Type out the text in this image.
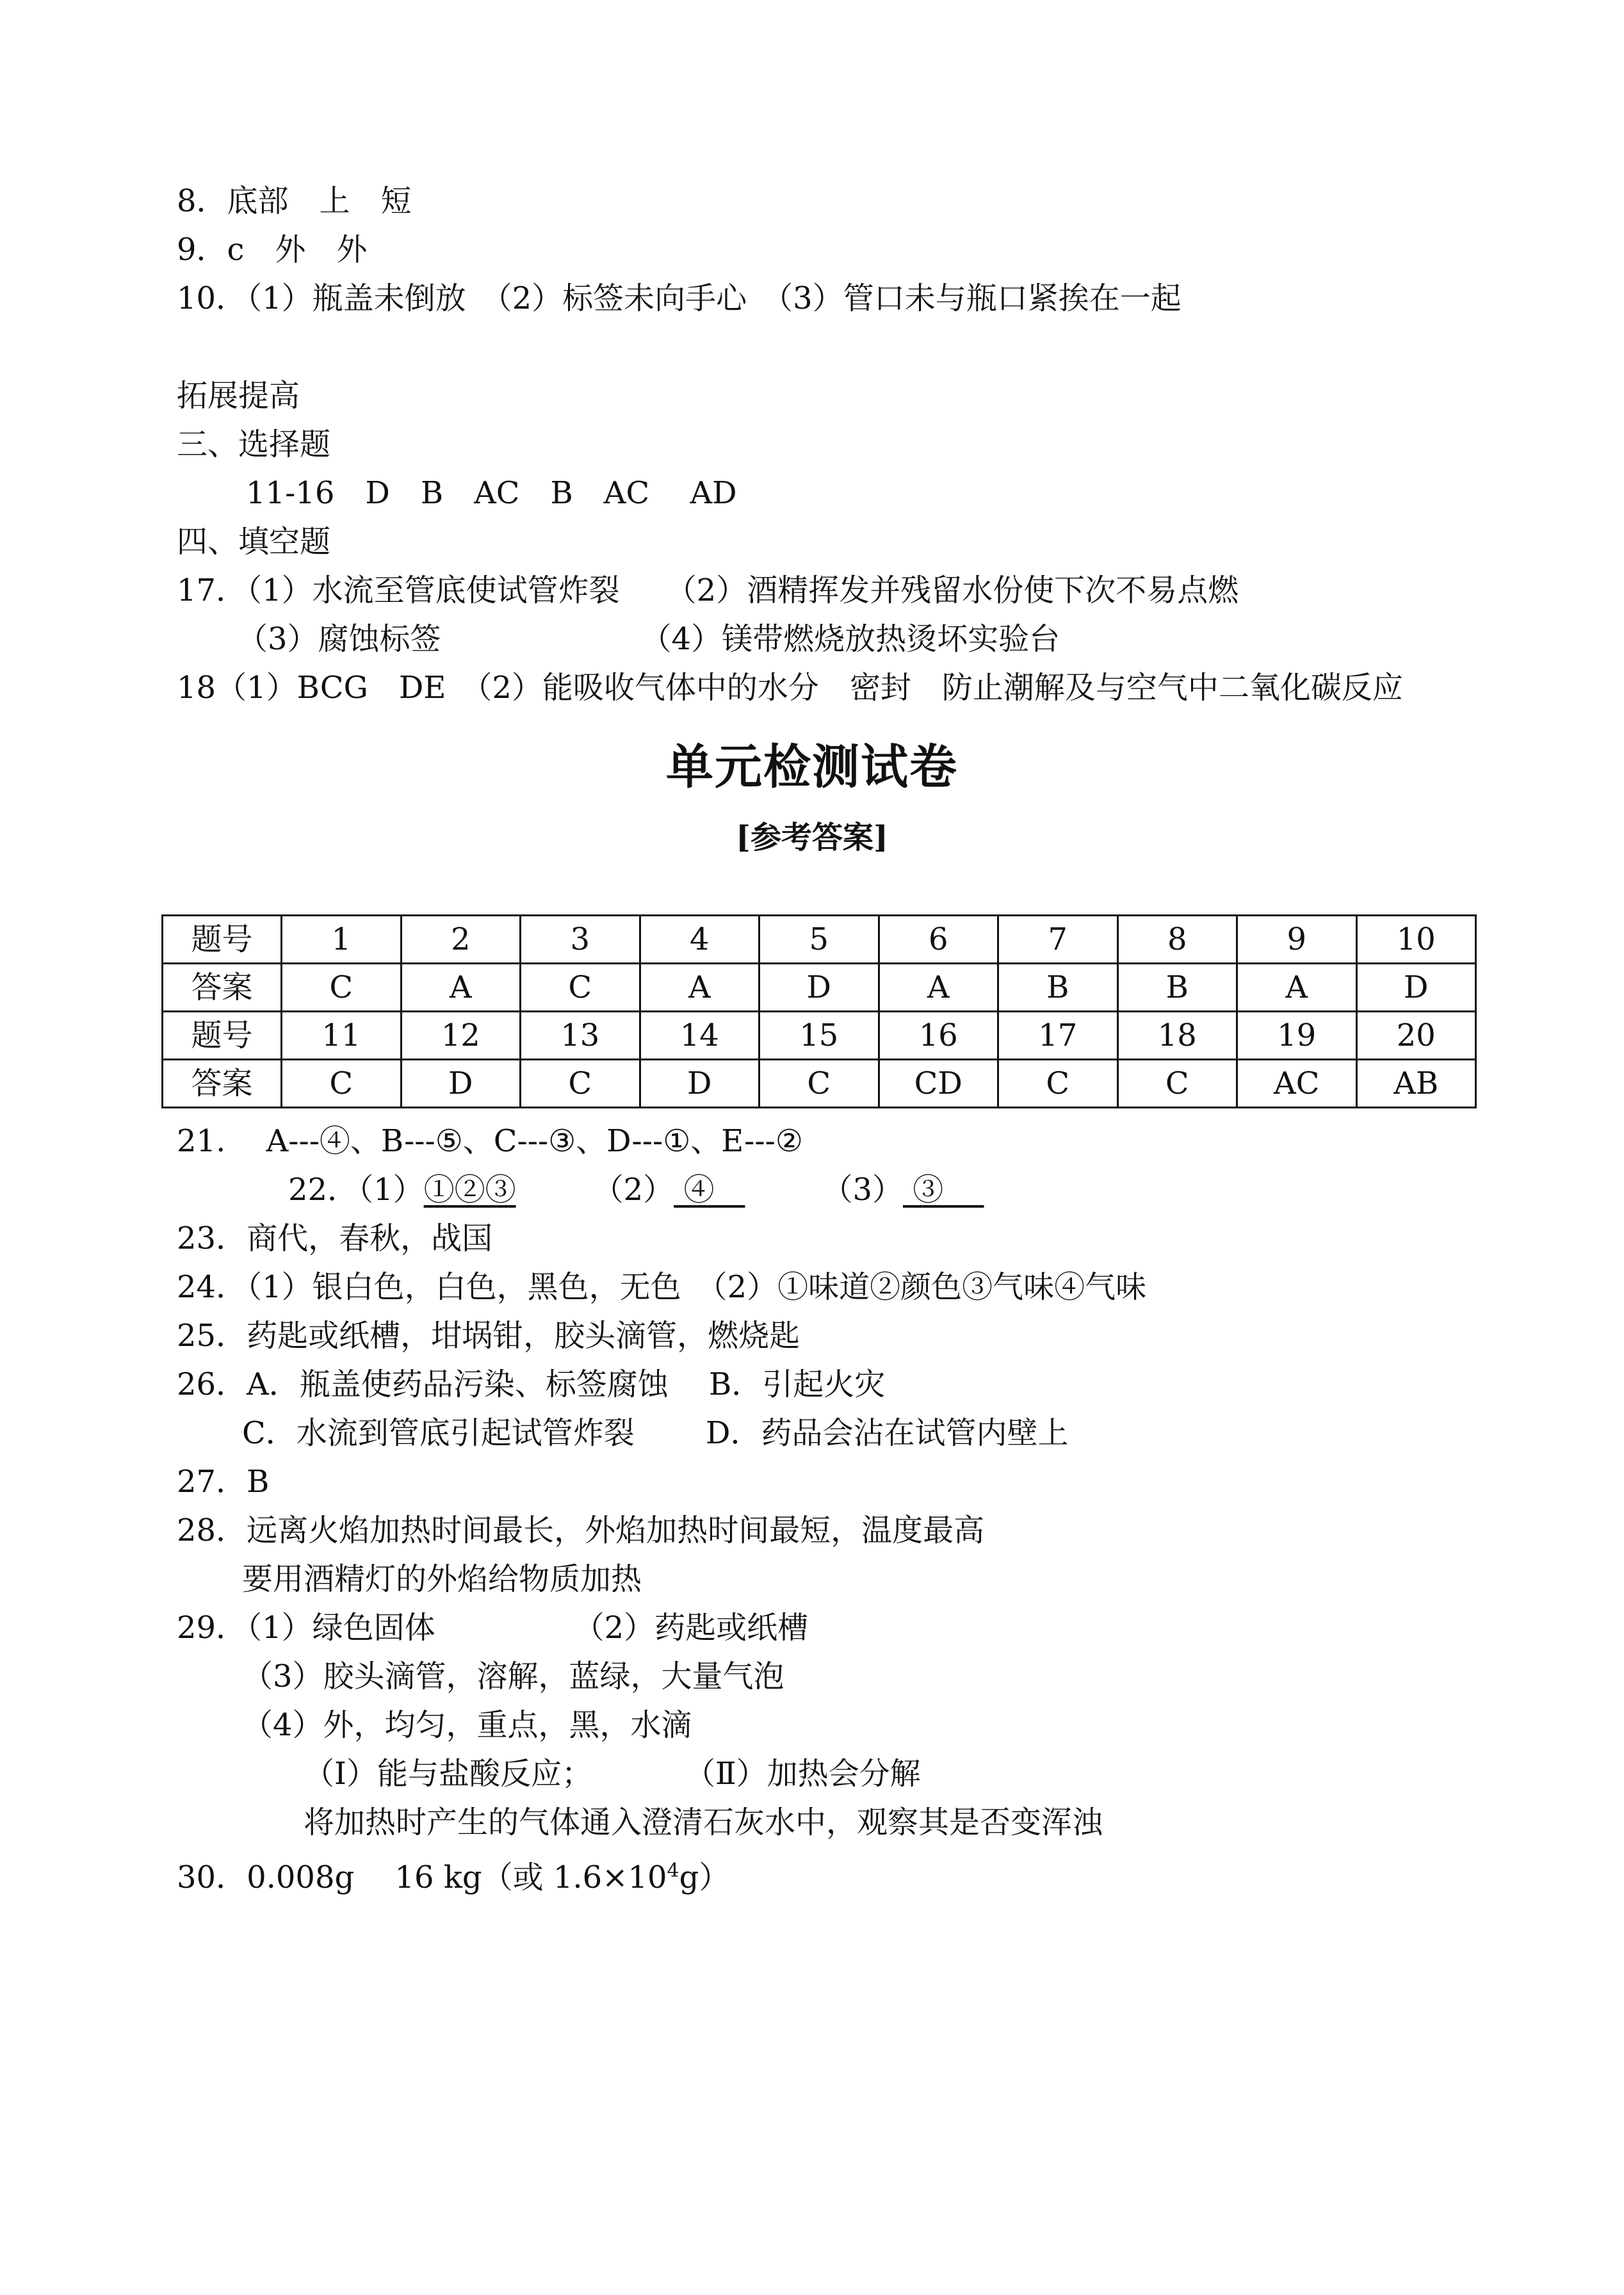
8．底部　上　短
9．c　外　外
10．（1）瓶盖未倒放　（2）标签未向手心　（3）管口未与瓶口紧挨在一起
拓展提高
三、选择题
11-16　D　B　AC　B　AC　 AD
四、填空题
17．（1）水流至管底使试管炸裂　　（2）酒精挥发并残留水份使下次不易点燃
（3）腐蚀标签　　　　　　　（4）镁带燃烧放热烫坏实验台
18（1）BCG　DE　（2）能吸收气体中的水分　密封　防止潮解及与空气中二氧化碳反应
单元检测试卷
[参考答案]
题号	1	2	3	4	5	6	7	8	9	10
答案	C	A	C	A	D	A	B	B	A	D
题号	11	12	13	14	15	16	17	18	19	20
答案	C	D	C	D	C	CD	C	C	AC	AB
21.　 A---④、B---⑤、C---③、D---①、E---②
22．（1）①②③　　　（2） ④　　　　（3） ③　
23．商代，春秋，战国
24．（1）银白色，白色，黑色，无色　（2）①味道②颜色③气味④气味
25．药匙或纸槽，坩埚钳，胶头滴管，燃烧匙
26．A．瓶盖使药品污染、标签腐蚀　 B．引起火灾
C．水流到管底引起试管炸裂　　 D．药品会沾在试管内壁上
27．B
28．远离火焰加热时间最长，外焰加热时间最短，温度最高
要用酒精灯的外焰给物质加热
29．（1）绿色固体　　　　　（2）药匙或纸槽
（3）胶头滴管，溶解，蓝绿，大量气泡
（4）外，均匀，重点，黑，水滴
（Ⅰ）能与盐酸反应；　　　　（Ⅱ）加热会分解
将加热时产生的气体通入澄清石灰水中，观察其是否变浑浊
30．0.008g　 16 kg（或 $1.6\times 10^4g$）
